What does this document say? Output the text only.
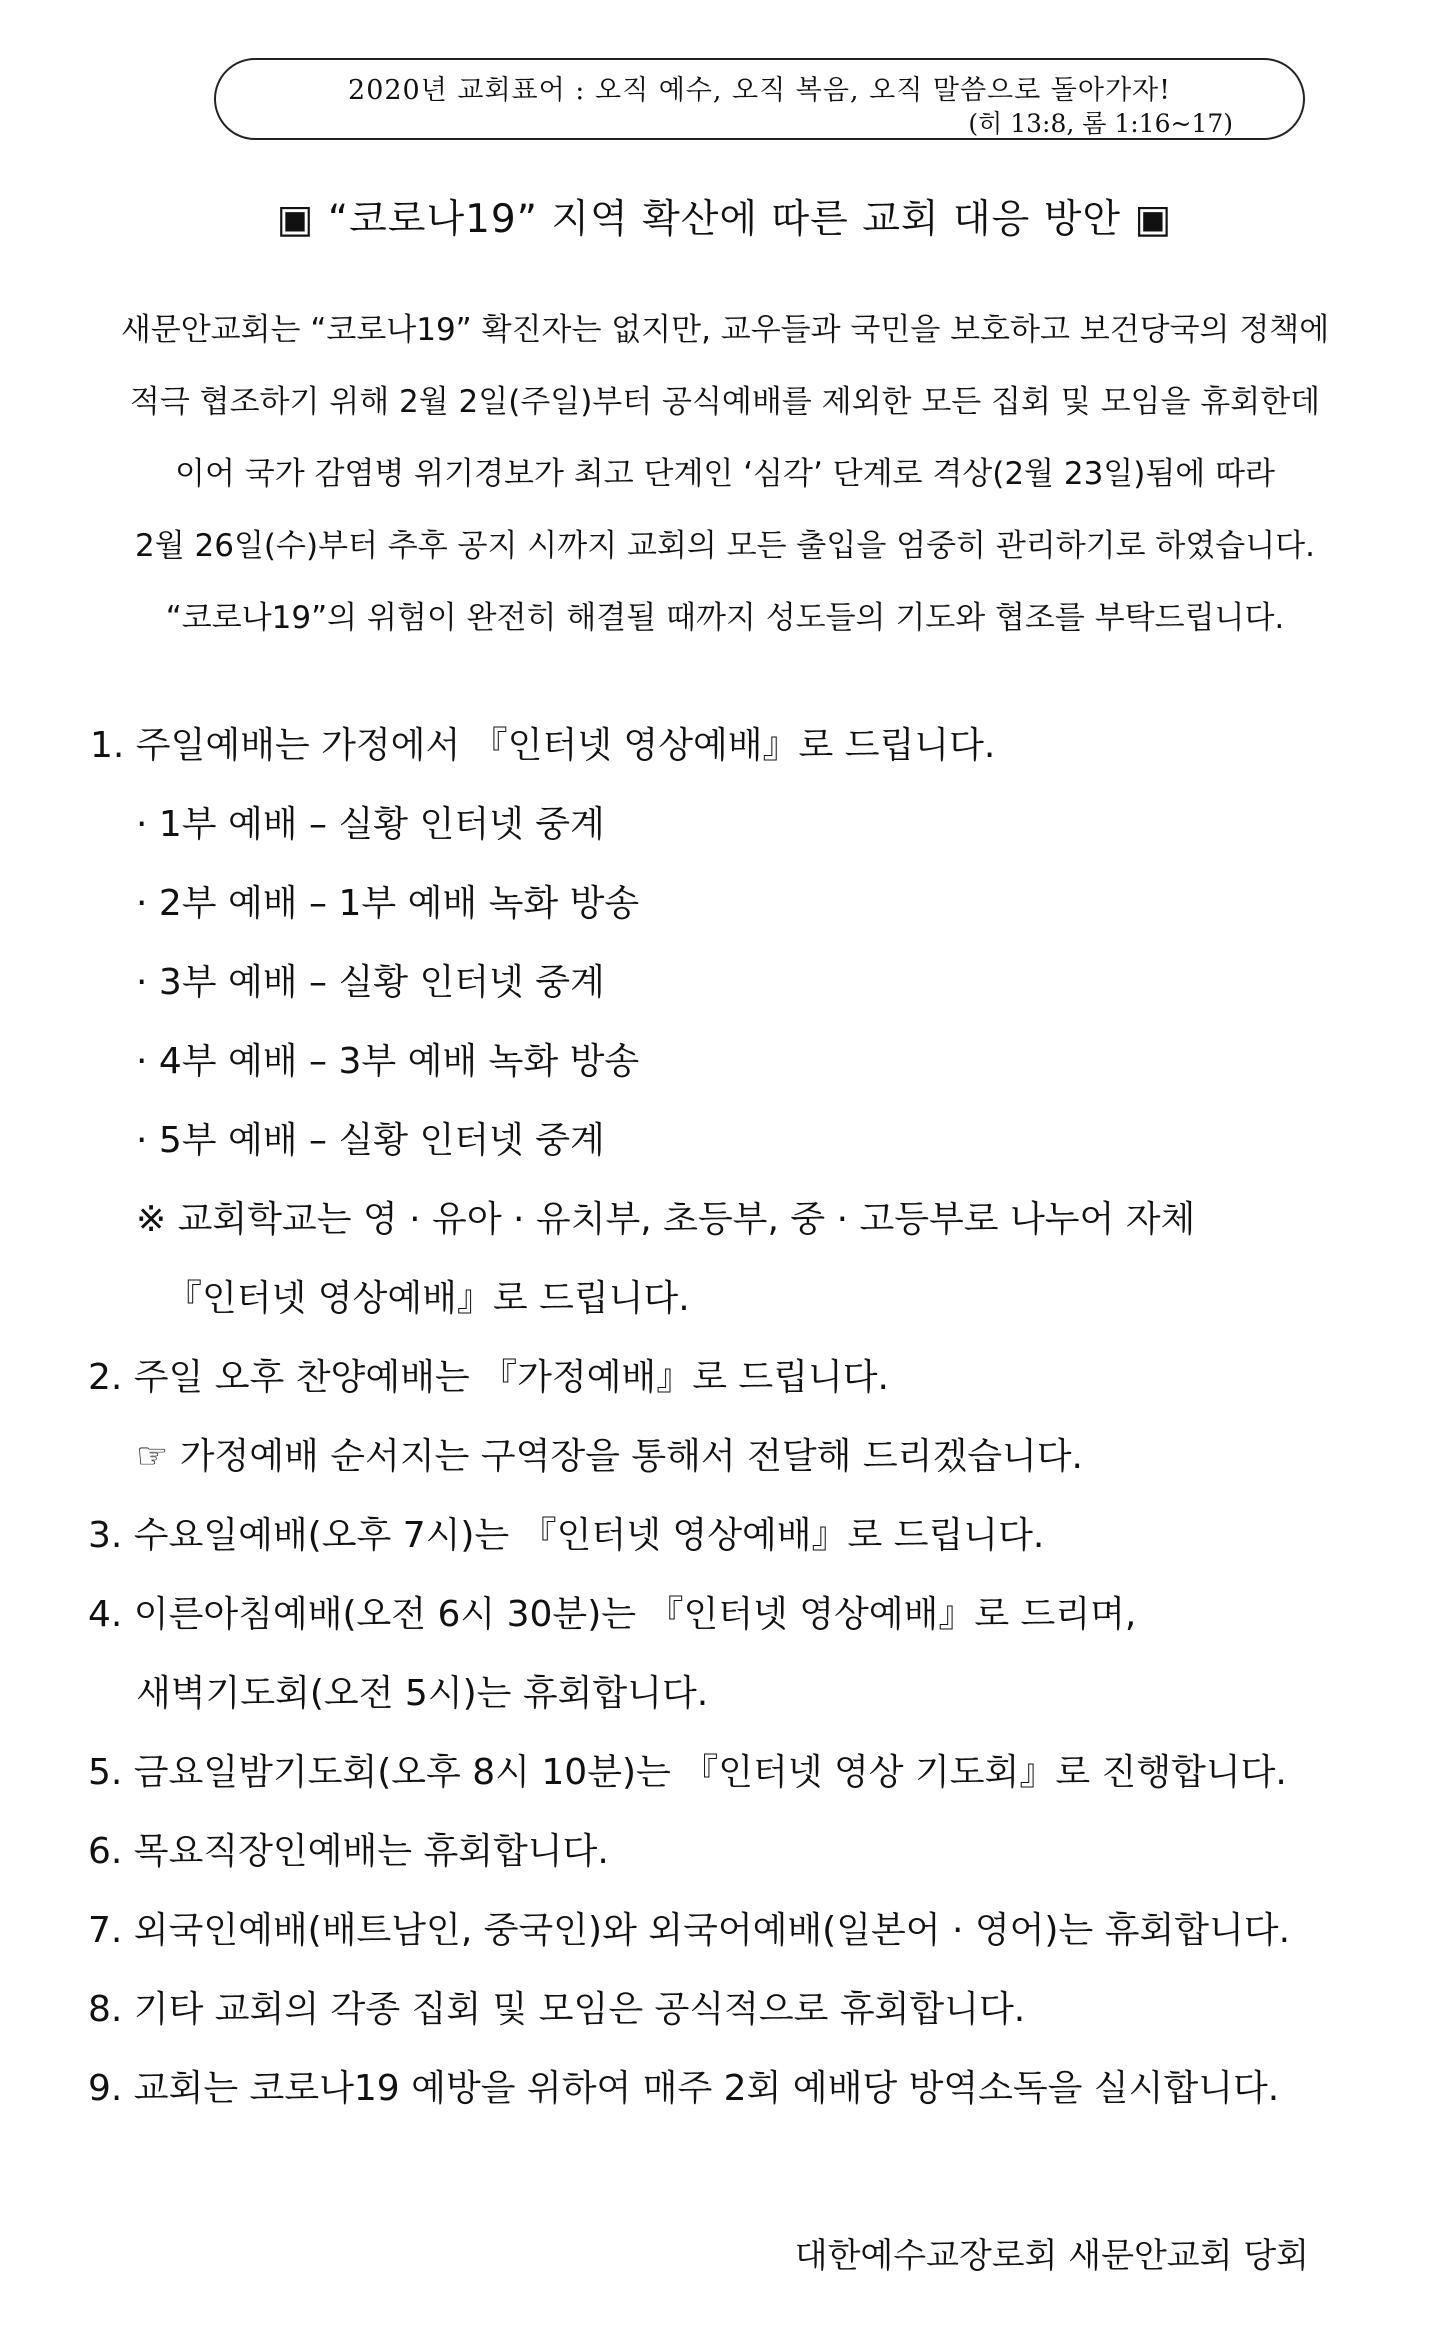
2020년 교회표어 : 오직 예수, 오직 복음, 오직 말씀으로 돌아가자!
(히 13:8, 롬 1:16~17)
▣ “코로나19” 지역 확산에 따른 교회 대응 방안 ▣
새문안교회는 “코로나19” 확진자는 없지만, 교우들과 국민을 보호하고 보건당국의 정책에
적극 협조하기 위해 2월 2일(주일)부터 공식예배를 제외한 모든 집회 및 모임을 휴회한데
이어 국가 감염병 위기경보가 최고 단계인 ‘심각’ 단계로 격상(2월 23일)됨에 따라
2월 26일(수)부터 추후 공지 시까지 교회의 모든 출입을 엄중히 관리하기로 하였습니다.
“코로나19”의 위험이 완전히 해결될 때까지 성도들의 기도와 협조를 부탁드립니다.
1. 주일예배는 가정에서 『인터넷 영상예배』로 드립니다.
· 1부 예배 – 실황 인터넷 중계
· 2부 예배 – 1부 예배 녹화 방송
· 3부 예배 – 실황 인터넷 중계
· 4부 예배 – 3부 예배 녹화 방송
· 5부 예배 – 실황 인터넷 중계
※ 교회학교는 영 · 유아 · 유치부, 초등부, 중 · 고등부로 나누어 자체
『인터넷 영상예배』로 드립니다.
2. 주일 오후 찬양예배는 『가정예배』로 드립니다.
☞ 가정예배 순서지는 구역장을 통해서 전달해 드리겠습니다.
3. 수요일예배(오후 7시)는 『인터넷 영상예배』로 드립니다.
4. 이른아침예배(오전 6시 30분)는 『인터넷 영상예배』로 드리며,
새벽기도회(오전 5시)는 휴회합니다.
5. 금요일밤기도회(오후 8시 10분)는 『인터넷 영상 기도회』로 진행합니다.
6. 목요직장인예배는 휴회합니다.
7. 외국인예배(배트남인, 중국인)와 외국어예배(일본어 · 영어)는 휴회합니다.
8. 기타 교회의 각종 집회 및 모임은 공식적으로 휴회합니다.
9. 교회는 코로나19 예방을 위하여 매주 2회 예배당 방역소독을 실시합니다.
대한예수교장로회 새문안교회 당회
